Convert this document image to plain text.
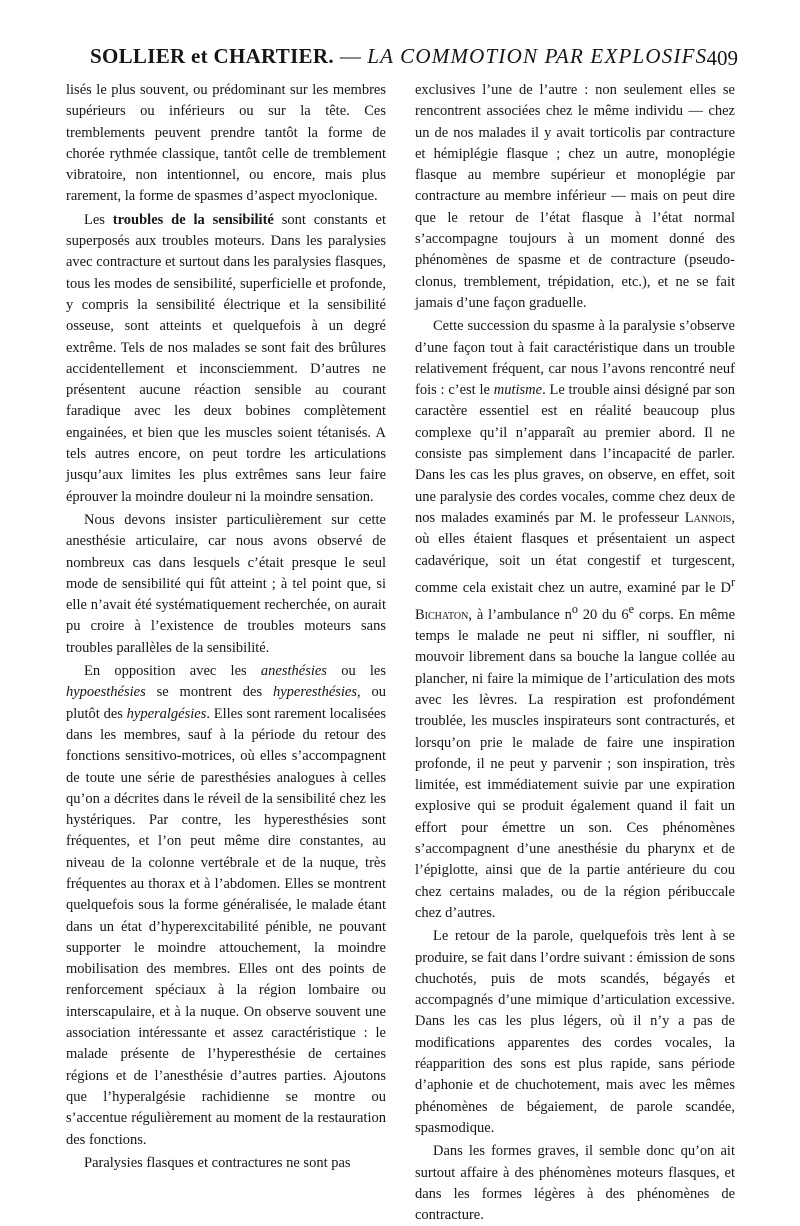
SOLLIER et CHARTIER. — LA COMMOTION PAR EXPLOSIFS 409

lisés le plus souvent, ou prédominant sur les membres supérieurs ou inférieurs ou sur la tête. Ces tremblements peuvent prendre tantôt la forme de chorée rythmée classique, tantôt celle de tremblement vibratoire, non intentionnel, ou encore, mais plus rarement, la forme de spasmes d’aspect myoclonique.

Les troubles de la sensibilité sont constants et superposés aux troubles moteurs. Dans les paralysies avec contracture et surtout dans les paralysies flasques, tous les modes de sensibilité, superficielle et profonde, y compris la sensibilité électrique et la sensibilité osseuse, sont atteints et quelquefois à un degré extrême. Tels de nos malades se sont fait des brûlures accidentellement et inconsciemment. D’autres ne présentent aucune réaction sensible au courant faradique avec les deux bobines complètement engainées, et bien que les muscles soient tétanisés. A tels autres encore, on peut tordre les articulations jusqu’aux limites les plus extrêmes sans leur faire éprouver la moindre douleur ni la moindre sensation.

Nous devons insister particulièrement sur cette anesthésie articulaire, car nous avons observé de nombreux cas dans lesquels c’était presque le seul mode de sensibilité qui fût atteint ; à tel point que, si elle n’avait été systématiquement recherchée, on aurait pu croire à l’existence de troubles moteurs sans troubles parallèles de la sensibilité.

En opposition avec les anesthésies ou les hypoesthésies se montrent des hyperesthésies, ou plutôt des hyperalgésies. Elles sont rarement localisées dans les membres, sauf à la période du retour des fonctions sensitivo-motrices, où elles s’accompagnent de toute une série de paresthésies analogues à celles qu’on a décrites dans le réveil de la sensibilité chez les hystériques. Par contre, les hyperesthésies sont fréquentes, et l’on peut même dire constantes, au niveau de la colonne vertébrale et de la nuque, très fréquentes au thorax et à l’abdomen. Elles se montrent quelquefois sous la forme généralisée, le malade étant dans un état d’hyperexcitabilité pénible, ne pouvant supporter le moindre attouchement, la moindre mobilisation des membres. Elles ont des points de renforcement spéciaux à la région lombaire ou interscapulaire, et à la nuque. On observe souvent une association intéressante et assez caractéristique : le malade présente de l’hyperesthésie de certaines régions et de l’anesthésie d’autres parties. Ajoutons que l’hyperalgésie rachidienne se montre ou s’accentue régulièrement au moment de la restauration des fonctions.

Paralysies flasques et contractures ne sont pas

exclusives l’une de l’autre : non seulement elles se rencontrent associées chez le même individu — chez un de nos malades il y avait torticolis par contracture et hémiplégie flasque ; chez un autre, monoplégie flasque au membre supérieur et monoplégie par contracture au membre inférieur — mais on peut dire que le retour de l’état flasque à l’état normal s’accompagne toujours à un moment donné des phénomènes de spasme et de contracture (pseudo-clonus, tremblement, trépidation, etc.), et ne se fait jamais d’une façon graduelle.

Cette succession du spasme à la paralysie s’observe d’une façon tout à fait caractéristique dans un trouble relativement fréquent, car nous l’avons rencontré neuf fois : c’est le mutisme. Le trouble ainsi désigné par son caractère essentiel est en réalité beaucoup plus complexe qu’il n’apparaît au premier abord. Il ne consiste pas simplement dans l’incapacité de parler. Dans les cas les plus graves, on observe, en effet, soit une paralysie des cordes vocales, comme chez deux de nos malades examinés par M. le professeur Lannois, où elles étaient flasques et présentaient un aspect cadavérique, soit un état congestif et turgescent, comme cela existait chez un autre, examiné par le $D^r$ Bichaton, à l’ambulance $n^o$ 20 du 6e corps. En même temps le malade ne peut ni siffler, ni souffler, ni mouvoir librement dans sa bouche la langue collée au plancher, ni faire la mimique de l’articulation des mots avec les lèvres. La respiration est profondément troublée, les muscles inspirateurs sont contracturés, et lorsqu’on prie le malade de faire une inspiration profonde, il ne peut y parvenir ; son inspiration, très limitée, est immédiatement suivie par une expiration explosive qui se produit également quand il fait un effort pour émettre un son. Ces phénomènes s’accompagnent d’une anesthésie du pharynx et de l’épiglotte, ainsi que de la partie antérieure du cou chez certains malades, ou de la région péribuccale chez d’autres.

Le retour de la parole, quelquefois très lent à se produire, se fait dans l’ordre suivant : émission de sons chuchotés, puis de mots scandés, bégayés et accompagnés d’une mimique d’articulation excessive. Dans les cas les plus légers, où il n’y a pas de modifications apparentes des cordes vocales, la réapparition des sons est plus rapide, sans période d’aphonie et de chuchotement, mais avec les mêmes phénomènes de bégaiement, de parole scandée, spasmodique.

Dans les formes graves, il semble donc qu’on ait surtout affaire à des phénomènes moteurs flasques, et dans les formes légères à des phénomènes de contracture.
